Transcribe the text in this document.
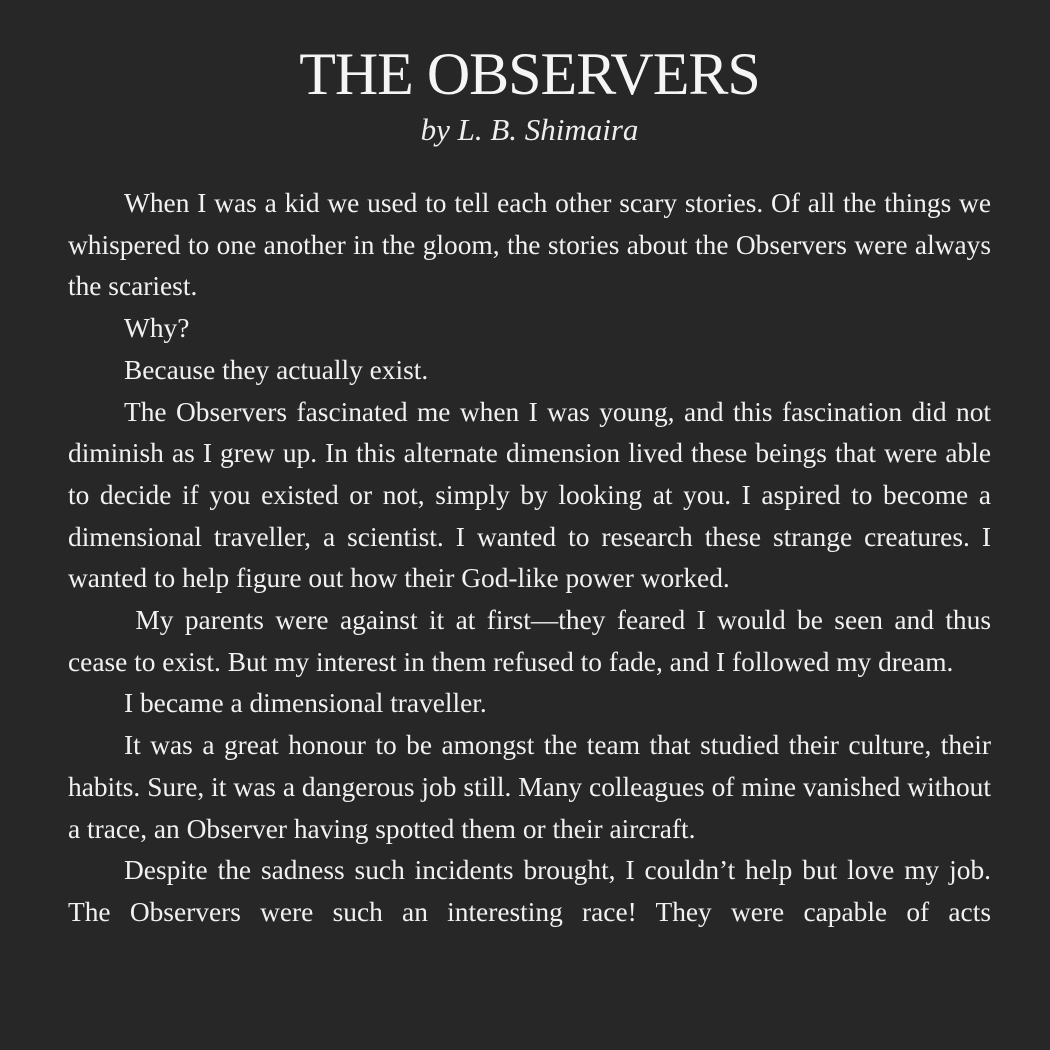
THE OBSERVERS
by L. B. Shimaira

When I was a kid we used to tell each other scary stories. Of all the things we whispered to one another in the gloom, the stories about the Observers were always the scariest.

Why?

Because they actually exist.

The Observers fascinated me when I was young, and this fascination did not diminish as I grew up. In this alternate dimension lived these beings that were able to decide if you existed or not, simply by looking at you. I aspired to become a dimensional traveller, a scientist. I wanted to research these strange creatures. I wanted to help figure out how their God-like power worked.

My parents were against it at first—they feared I would be seen and thus cease to exist. But my interest in them refused to fade, and I followed my dream.

I became a dimensional traveller.

It was a great honour to be amongst the team that studied their culture, their habits. Sure, it was a dangerous job still. Many colleagues of mine vanished without a trace, an Observer having spotted them or their aircraft.

Despite the sadness such incidents brought, I couldn’t help but love my job. The Observers were such an interesting race! They were capable of acts
